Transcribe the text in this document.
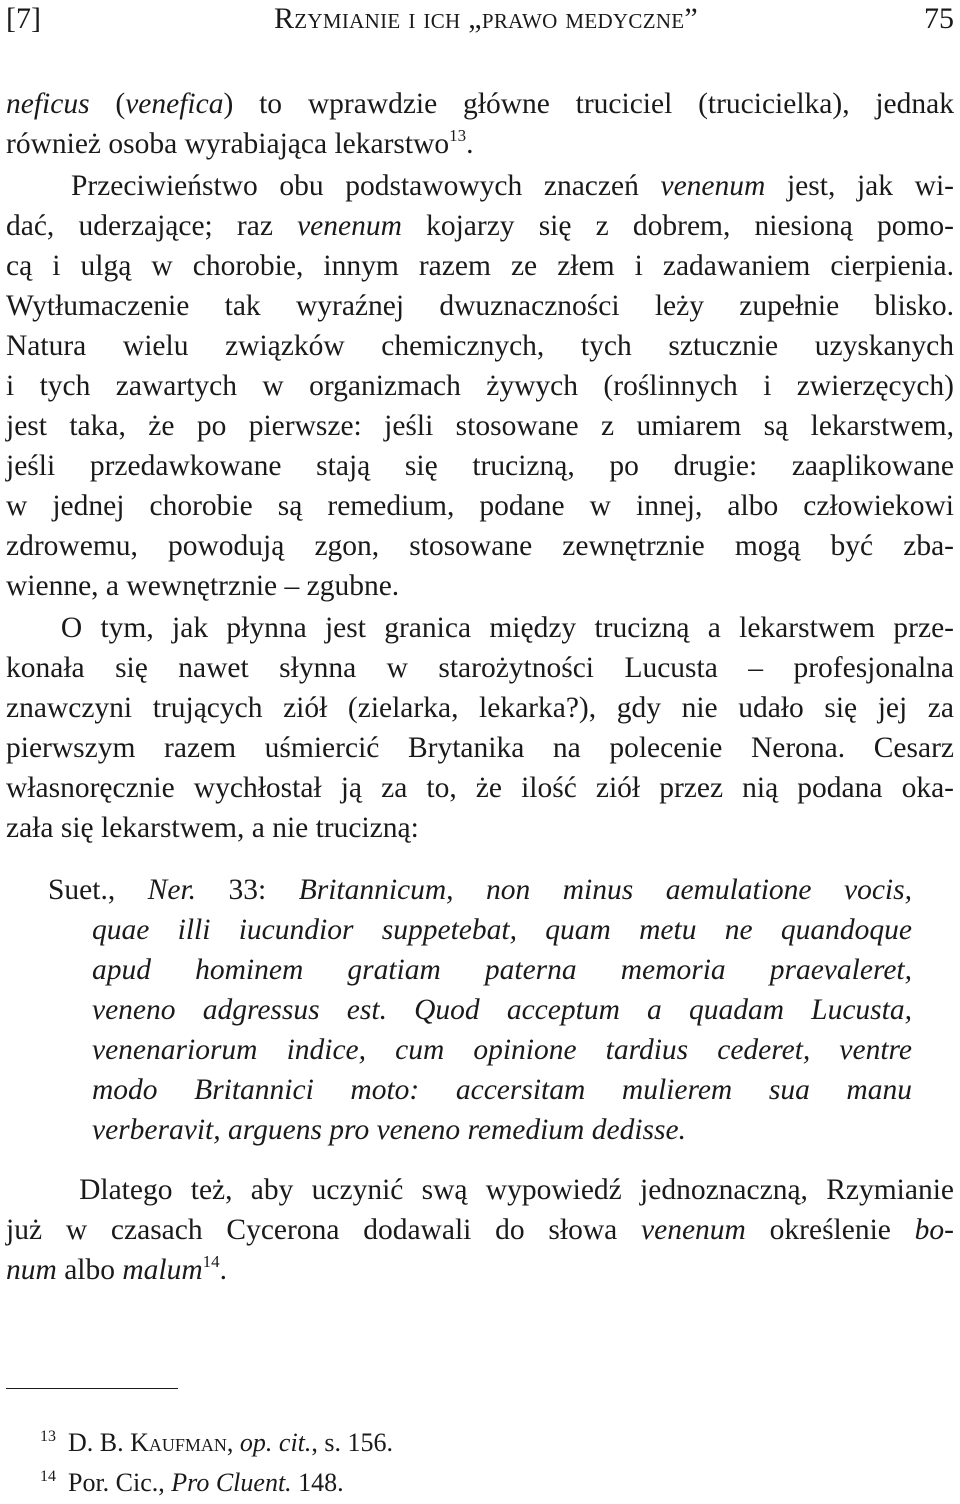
[7]	Rzymianie i ich „prawo medyczne”	75
neficus (venefica) to wprawdzie główne truciciel (trucicielka), jednak
również osoba wyrabiająca lekarstwo$^{13}$.
Przeciwieństwo obu podstawowych znaczeń venenum jest, jak wi-
dać, uderzające; raz venenum kojarzy się z dobrem, niesioną pomo-
cą i ulgą w chorobie, innym razem ze złem i zadawaniem cierpienia.
Wytłumaczenie tak wyraźnej dwuznaczności leży zupełnie blisko.
Natura wielu związków chemicznych, tych sztucznie uzyskanych
i tych zawartych w organizmach żywych (roślinnych i zwierzęcych)
jest taka, że po pierwsze: jeśli stosowane z umiarem są lekarstwem,
jeśli przedawkowane stają się trucizną, po drugie: zaaplikowane
w jednej chorobie są remedium, podane w innej, albo człowiekowi
zdrowemu, powodują zgon, stosowane zewnętrznie mogą być zba-
wienne, a wewnętrznie – zgubne.
O tym, jak płynna jest granica między trucizną a lekarstwem prze-
konała się nawet słynna w starożytności Lucusta – profesjonalna
znawczyni trujących ziół (zielarka, lekarka?), gdy nie udało się jej za
pierwszym razem uśmiercić Brytanika na polecenie Nerona. Cesarz
własnoręcznie wychłostał ją za to, że ilość ziół przez nią podana oka-
zała się lekarstwem, a nie trucizną:
Suet., Ner. 33: Britannicum, non minus aemulatione vocis,
quae illi iucundior suppetebat, quam metu ne quandoque
apud hominem gratiam paterna memoria praevaleret,
veneno adgressus est. Quod acceptum a quadam Lucusta,
venenariorum indice, cum opinione tardius cederet, ventre
modo Britannici moto: accersitam mulierem sua manu
verberavit, arguens pro veneno remedium dedisse.
Dlatego też, aby uczynić swą wypowiedź jednoznaczną, Rzymianie
już w czasach Cycerona dodawali do słowa venenum określenie bo-
num albo malum$^{14}$.
$^{13}$ D. B. Kaufman, op. cit., s. 156.
$^{14}$ Por. Cic., Pro Cluent. 148.
